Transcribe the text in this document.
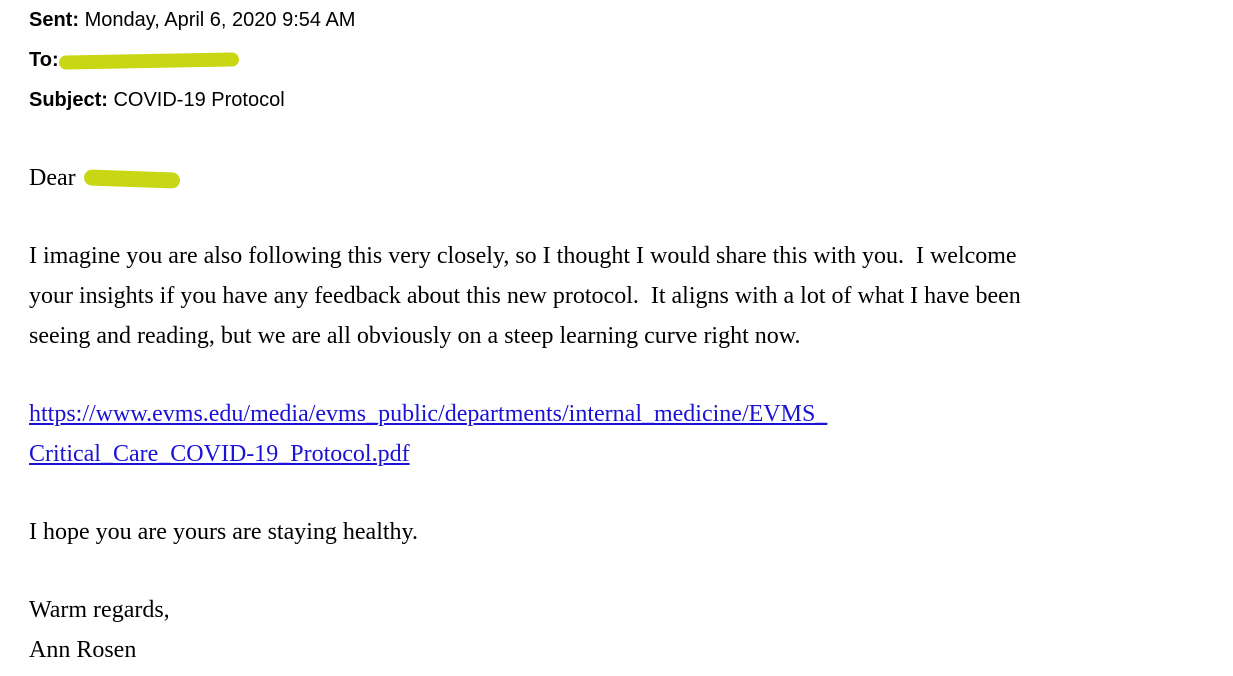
Sent: Monday, April 6, 2020 9:54 AM
To:
Subject: COVID-19 Protocol
Dear
I imagine you are also following this very closely, so I thought I would share this with you.  I welcome
your insights if you have any feedback about this new protocol.  It aligns with a lot of what I have been
seeing and reading, but we are all obviously on a steep learning curve right now.
https://www.evms.edu/media/evms_public/departments/internal_medicine/EVMS_
Critical_Care_COVID-19_Protocol.pdf
I hope you are yours are staying healthy.
Warm regards,
Ann Rosen
